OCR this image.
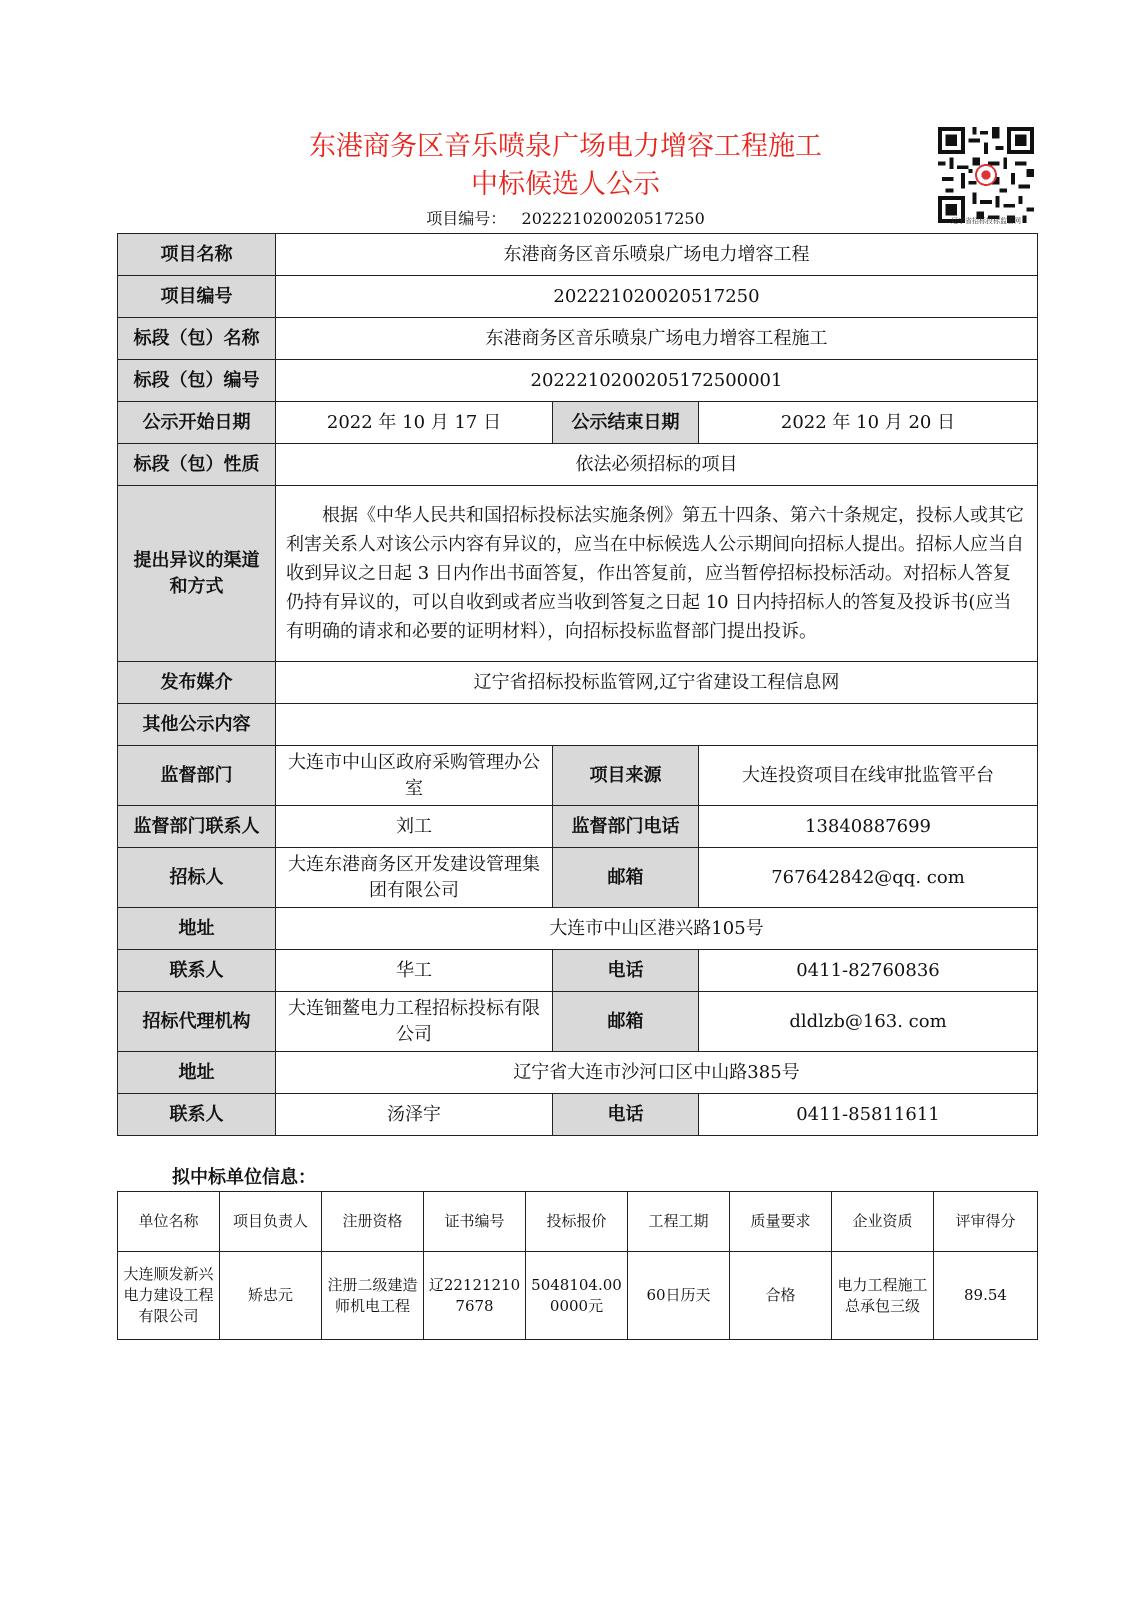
东港商务区音乐喷泉广场电力增容工程施工
中标候选人公示
项目编号： 202221020020517250	辽宁省招标投标监管网
项目名称	东港商务区音乐喷泉广场电力增容工程		
项目编号	202221020020517250		
标段（包）名称	东港商务区音乐喷泉广场电力增容工程施工		
标段（包）编号	2022210200205172500001		
公示开始日期	2022 年 10 月 17 日	公示结束日期	2022 年 10 月 20 日
标段（包）性质	依法必须招标的项目		

提出异议的渠道
和方式	根据《中华人民共和国招标投标法实施条例》第五十四条、第六十条规定，投标人或其它利害关系人对该公示内容有异议的，应当在中标候选人公示期间向招标人提出。招标人应当自收到异议之日起 3 日内作出书面答复，作出答复前，应当暂停招标投标活动。对招标人答复仍持有异议的，可以自收到或者应当收到答复之日起 10 日内持招标人的答复及投诉书(应当有明确的请求和必要的证明材料），向招标投标监督部门提出投诉。		
发布媒介	辽宁省招标投标监管网,辽宁省建设工程信息网		
其他公示内容			
监督部门	大连市中山区政府采购管理办公室	项目来源	大连投资项目在线审批监管平台
监督部门联系人	刘工	监督部门电话	13840887699
招标人	大连东港商务区开发建设管理集团有限公司	邮箱	767642842@qq. com
地址	大连市中山区港兴路105号		
联系人	华工	电话	0411-82760836
招标代理机构	大连钿鳌电力工程招标投标有限公司	邮箱	dldlzb@163. com
地址	辽宁省大连市沙河口区中山路385号		
联系人	汤泽宇	电话	0411-85811611
拟中标单位信息：
单位名称	项目负责人	注册资格	证书编号	投标报价	工程工期	质量要求	企业资质	评审得分
大连顺发新兴电力建设工程有限公司	矫忠元	注册二级建造师机电工程	辽221212107678	5048104.000000元	60日历天	合格	电力工程施工总承包三级	89.54
